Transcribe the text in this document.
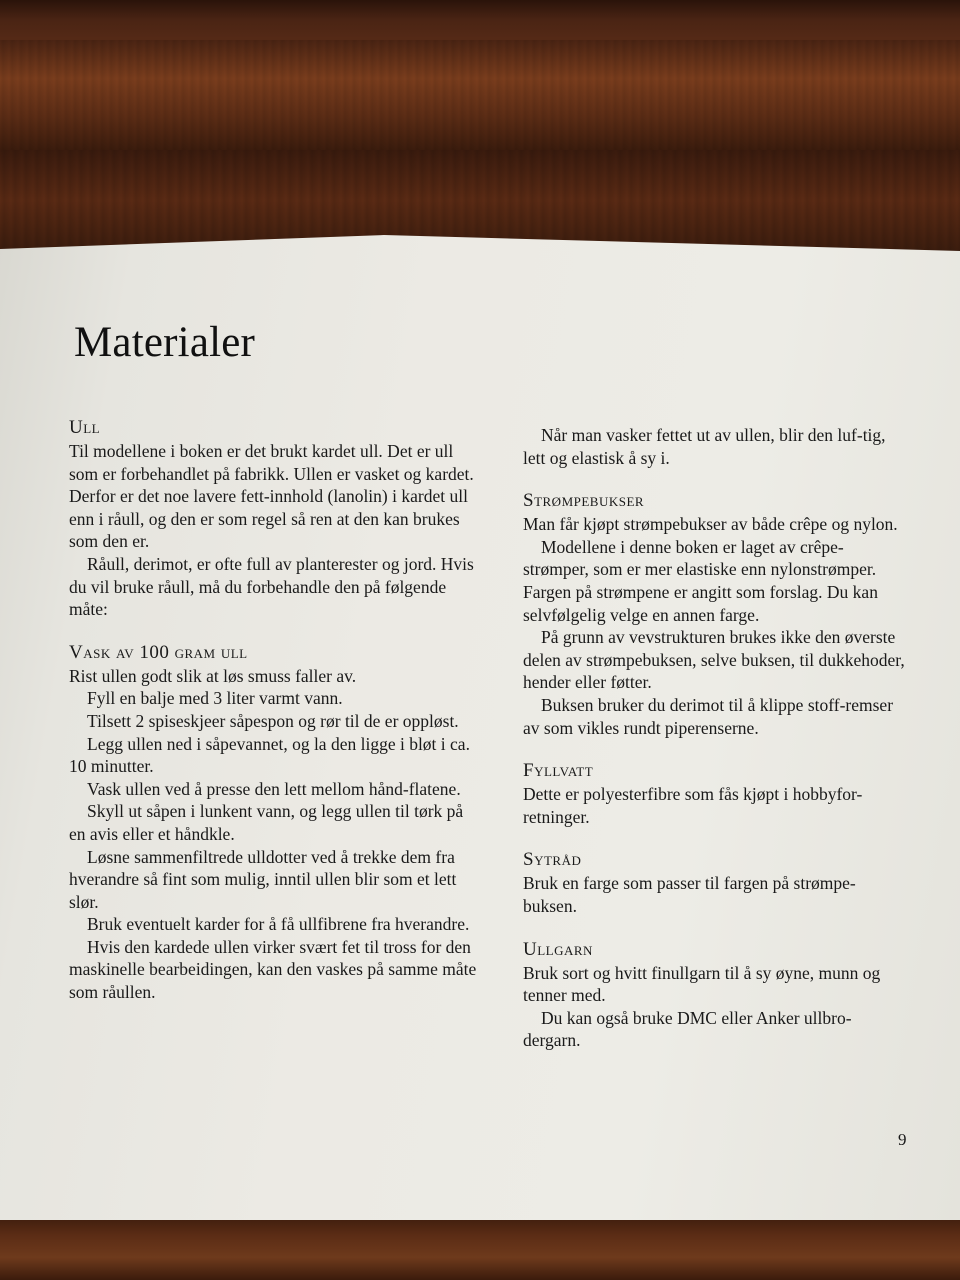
Materialer
Ull

Til modellene i boken er det brukt kardet ull. Det er ull som er forbehandlet på fabrikk. Ullen er vasket og kardet. Derfor er det noe lavere fett-innhold (lanolin) i kardet ull enn i råull, og den er som regel så ren at den kan brukes som den er.

Råull, derimot, er ofte full av planterester og jord. Hvis du vil bruke råull, må du forbehandle den på følgende måte:

Vask av 100 gram ull

Rist ullen godt slik at løs smuss faller av.

Fyll en balje med 3 liter varmt vann.

Tilsett 2 spiseskjeer såpespon og rør til de er oppløst.

Legg ullen ned i såpevannet, og la den ligge i bløt i ca. 10 minutter.

Vask ullen ved å presse den lett mellom hånd-flatene.

Skyll ut såpen i lunkent vann, og legg ullen til tørk på en avis eller et håndkle.

Løsne sammenfiltrede ulldotter ved å trekke dem fra hverandre så fint som mulig, inntil ullen blir som et lett slør.

Bruk eventuelt karder for å få ullfibrene fra hverandre.

Hvis den kardede ullen virker svært fet til tross for den maskinelle bearbeidingen, kan den vaskes på samme måte som råullen.

Når man vasker fettet ut av ullen, blir den luf-tig, lett og elastisk å sy i.

Strømpebukser

Man får kjøpt strømpebukser av både crêpe og nylon.

Modellene i denne boken er laget av crêpe-strømper, som er mer elastiske enn nylonstrømper. Fargen på strømpene er angitt som forslag. Du kan selvfølgelig velge en annen farge.

På grunn av vevstrukturen brukes ikke den øverste delen av strømpebuksen, selve buksen, til dukkehoder, hender eller føtter.

Buksen bruker du derimot til å klippe stoff-remser av som vikles rundt piperenserne.

Fyllvatt

Dette er polyesterfibre som fås kjøpt i hobbyfor-retninger.

Sytråd

Bruk en farge som passer til fargen på strømpe-buksen.

Ullgarn

Bruk sort og hvitt finullgarn til å sy øyne, munn og tenner med.

Du kan også bruke DMC eller Anker ullbro-dergarn.

9
